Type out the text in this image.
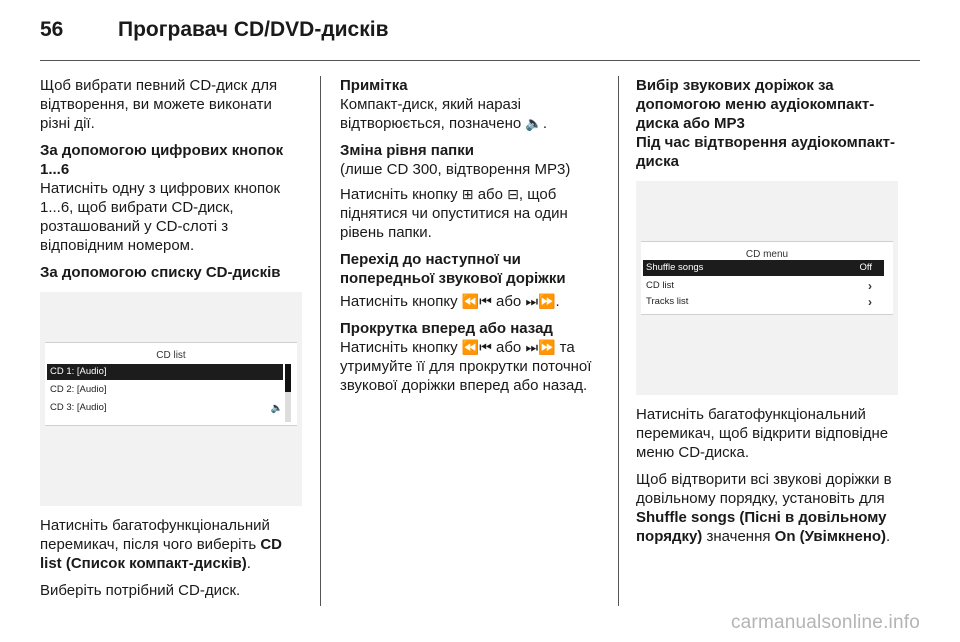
56	Програвач CD/DVD-дисків

Щоб вибрати певний CD-диск для відтворення, ви можете виконати різні дії.

За допомогою цифрових кнопок 1...6

Натисніть одну з цифрових кнопок 1...6, щоб вибрати CD-диск, розташований у CD-слоті з відповідним номером.

За допомогою списку CD-дисків
CD list
CD 1: [Audio]
CD 2: [Audio]
CD 3: [Audio]	🔈

Натисніть багатофункціональний перемикач, після чого виберіть CD list (Список компакт-дисків).

Виберіть потрібний CD-диск.

Примітка

Компакт-диск, який наразі відтворюється, позначено 🔈.

Зміна рівня папки

(лише CD 300, відтворення MP3)

Натисніть кнопку ⊞ або ⊟, щоб піднятися чи опуститися на один рівень папки.

Перехід до наступної чи попередньої звукової доріжки

Натисніть кнопку ⏪⏮ або ⏭⏩.

Прокрутка вперед або назад

Натисніть кнопку ⏪⏮ або ⏭⏩ та утримуйте її для прокрутки поточної звукової доріжки вперед або назад.

Вибір звукових доріжок за допомогою меню аудіокомпакт-диска або MP3
Під час відтворення аудіокомпакт-диска
CD menu
Shuffle songs	Off
CD list	›
Tracks list	›

Натисніть багатофункціональний перемикач, щоб відкрити відповідне меню CD-диска.

Щоб відтворити всі звукові доріжки в довільному порядку, установіть для Shuffle songs (Пісні в довільному порядку) значення On (Увімкнено).

carmanualsonline.info
